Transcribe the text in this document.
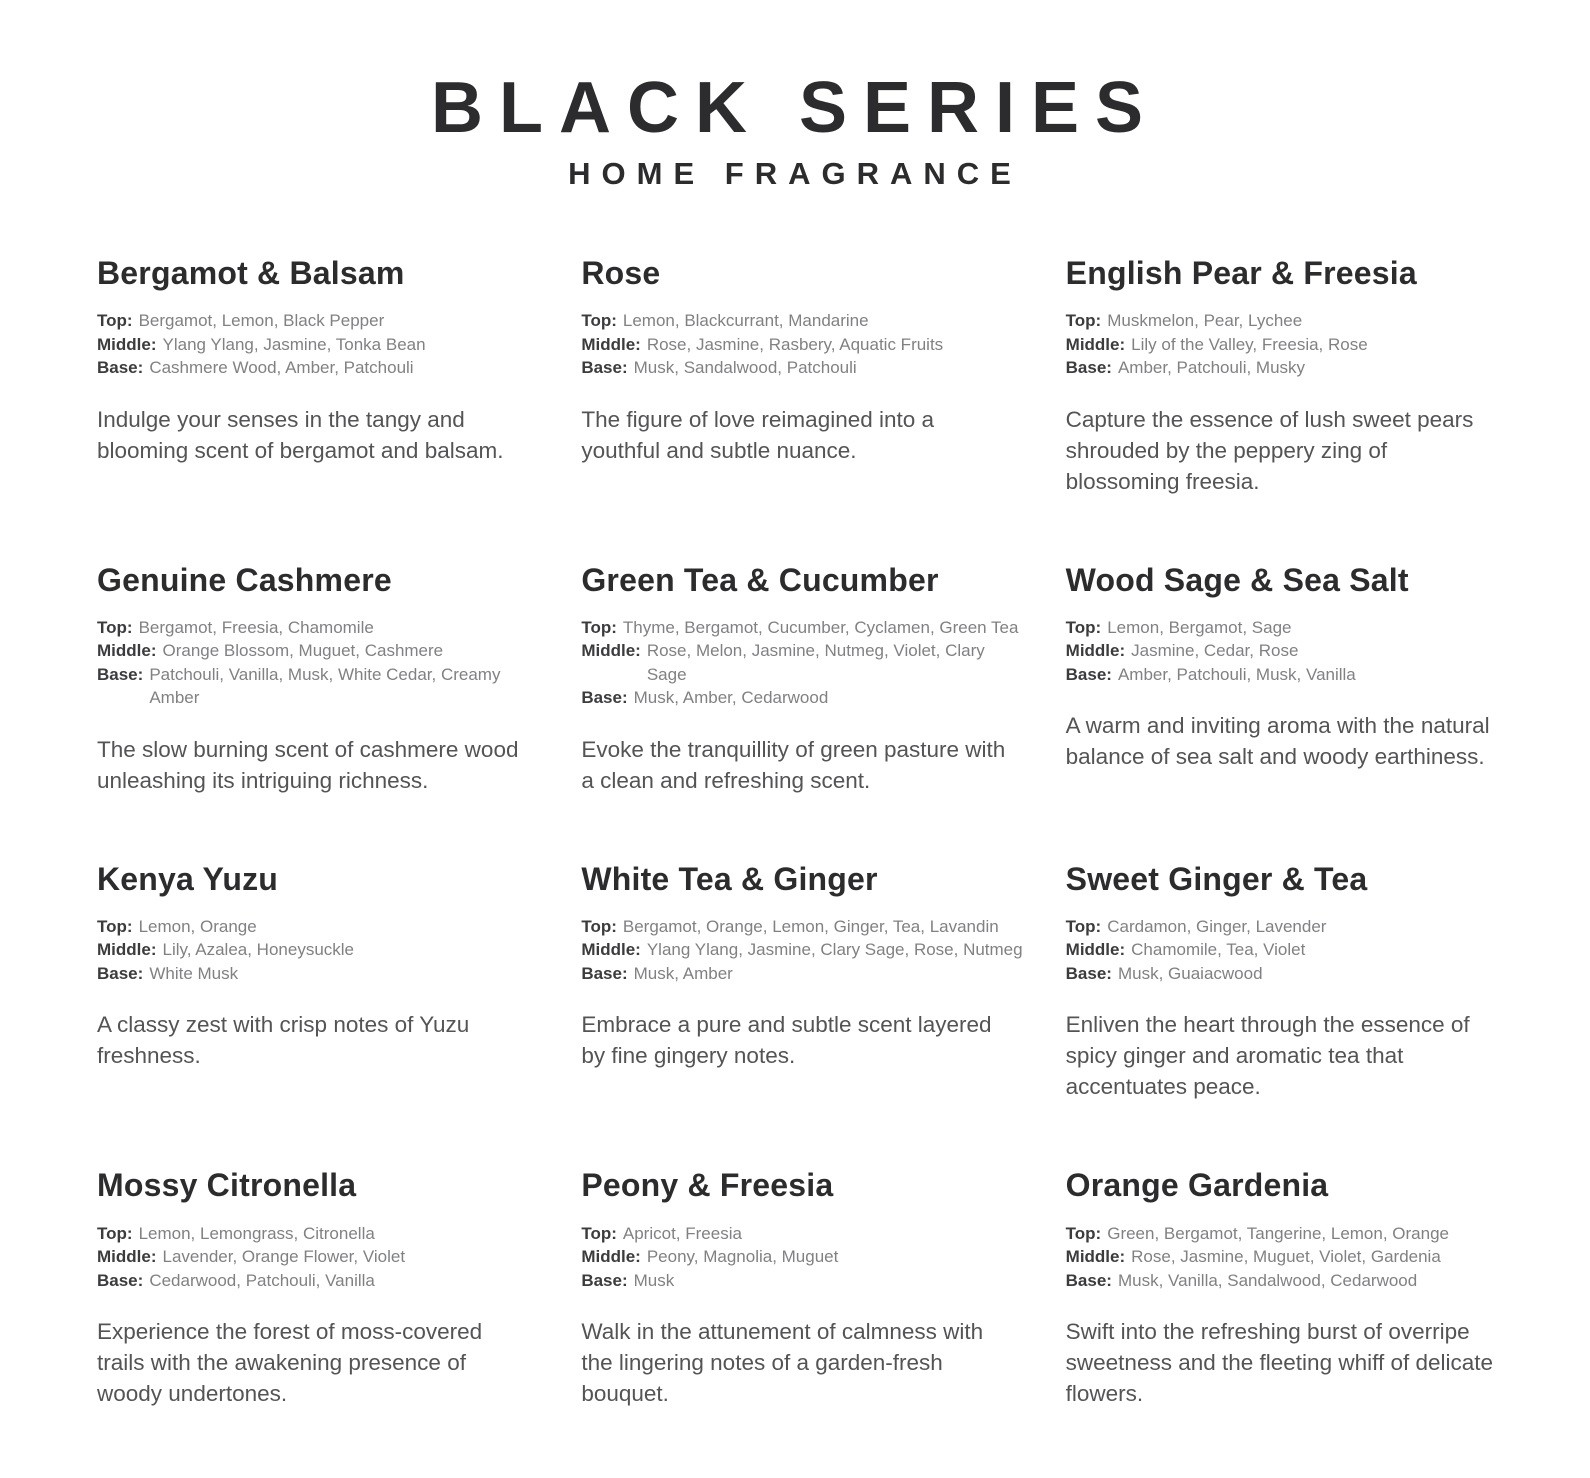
BLACK SERIES
HOME FRAGRANCE
Bergamot & Balsam
Top: Bergamot, Lemon, Black Pepper
Middle: Ylang Ylang, Jasmine, Tonka Bean
Base: Cashmere Wood, Amber, Patchouli

Indulge your senses in the tangy and blooming scent of bergamot and balsam.

Rose
Top: Lemon, Blackcurrant, Mandarine
Middle: Rose, Jasmine, Rasbery, Aquatic Fruits
Base: Musk, Sandalwood, Patchouli

The figure of love reimagined into a youthful and subtle nuance.

English Pear & Freesia
Top: Muskmelon, Pear, Lychee
Middle: Lily of the Valley, Freesia, Rose
Base: Amber, Patchouli, Musky

Capture the essence of lush sweet pears shrouded by the peppery zing of blossoming freesia.

Genuine Cashmere
Top: Bergamot, Freesia, Chamomile
Middle: Orange Blossom, Muguet, Cashmere
Base: Patchouli, Vanilla, Musk, White Cedar, Creamy Amber

The slow burning scent of cashmere wood unleashing its intriguing richness.

Green Tea & Cucumber
Top: Thyme, Bergamot, Cucumber, Cyclamen, Green Tea
Middle: Rose, Melon, Jasmine, Nutmeg, Violet, Clary Sage
Base: Musk, Amber, Cedarwood

Evoke the tranquillity of green pasture with a clean and refreshing scent.

Wood Sage & Sea Salt
Top: Lemon, Bergamot, Sage
Middle: Jasmine, Cedar, Rose
Base: Amber, Patchouli, Musk, Vanilla

A warm and inviting aroma with the natural balance of sea salt and woody earthiness.

Kenya Yuzu
Top: Lemon, Orange
Middle: Lily, Azalea, Honeysuckle
Base: White Musk

A classy zest with crisp notes of Yuzu freshness.

White Tea & Ginger
Top: Bergamot, Orange, Lemon, Ginger, Tea, Lavandin
Middle: Ylang Ylang, Jasmine, Clary Sage, Rose, Nutmeg
Base: Musk, Amber

Embrace a pure and subtle scent layered by fine gingery notes.

Sweet Ginger & Tea
Top: Cardamon, Ginger, Lavender
Middle: Chamomile, Tea, Violet
Base: Musk, Guaiacwood

Enliven the heart through the essence of spicy ginger and aromatic tea that accentuates peace.

Mossy Citronella
Top: Lemon, Lemongrass, Citronella
Middle: Lavender, Orange Flower, Violet
Base: Cedarwood, Patchouli, Vanilla

Experience the forest of moss-covered trails with the awakening presence of woody undertones.

Peony & Freesia
Top: Apricot, Freesia
Middle: Peony, Magnolia, Muguet
Base: Musk

Walk in the attunement of calmness with the lingering notes of a garden-fresh bouquet.

Orange Gardenia
Top: Green, Bergamot, Tangerine, Lemon, Orange
Middle: Rose, Jasmine, Muguet, Violet, Gardenia
Base: Musk, Vanilla, Sandalwood, Cedarwood

Swift into the refreshing burst of overripe sweetness and the fleeting whiff of delicate flowers.
